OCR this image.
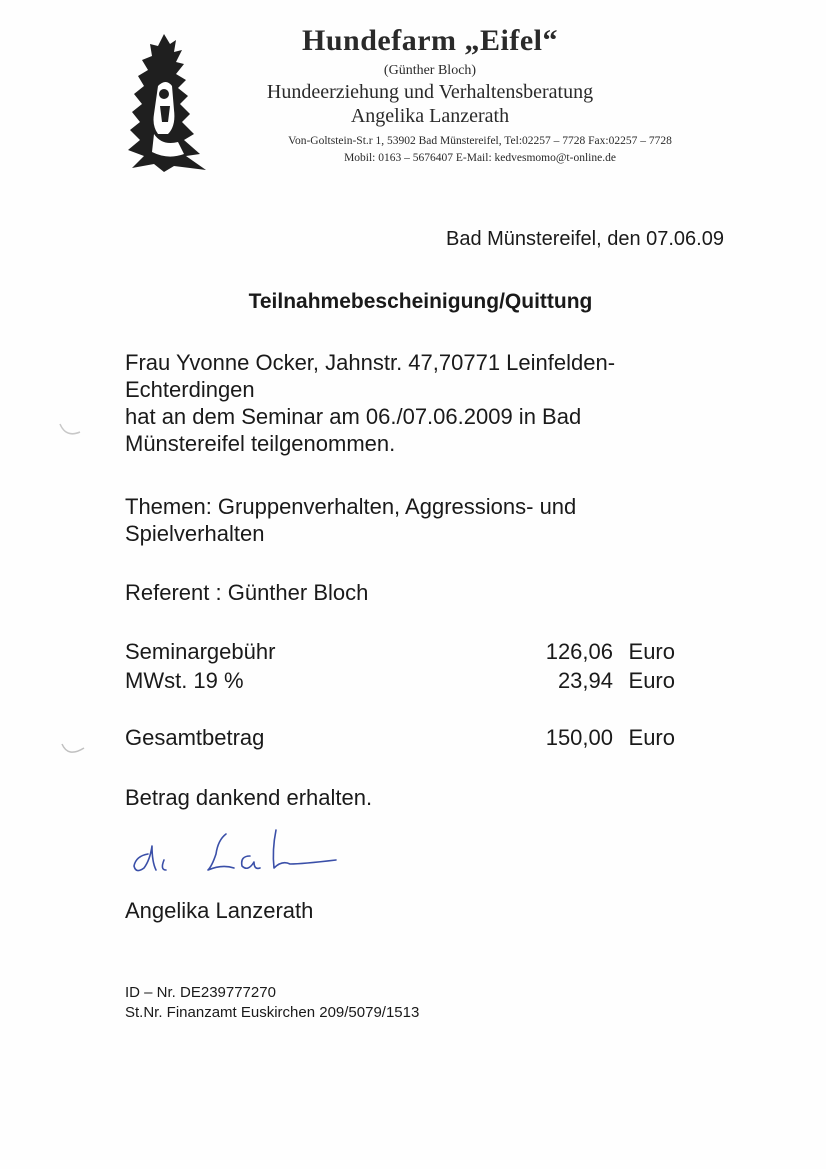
Hundefarm „Eifel“
(Günther Bloch)
Hundeerziehung und Verhaltensberatung
Angelika Lanzerath
Von-Goltstein-St.r 1, 53902 Bad Münstereifel, Tel:02257 – 7728 Fax:02257 – 7728
Mobil: 0163 – 5676407 E-Mail: kedvesmomo@t-online.de
Bad Münstereifel, den 07.06.09
Teilnahmebescheinigung/Quittung
Frau Yvonne Ocker, Jahnstr. 47,70771 Leinfelden-
Echterdingen
hat an dem Seminar am 06./07.06.2009 in Bad
Münstereifel teilgenommen.
Themen: Gruppenverhalten, Aggressions- und
Spielverhalten
Referent : Günther Bloch
Seminargebühr	126,06 Euro
MWst. 19 %	23,94 Euro
Gesamtbetrag	150,00 Euro
Betrag dankend erhalten.
Angelika Lanzerath
ID – Nr. DE239777270
St.Nr. Finanzamt Euskirchen 209/5079/1513
